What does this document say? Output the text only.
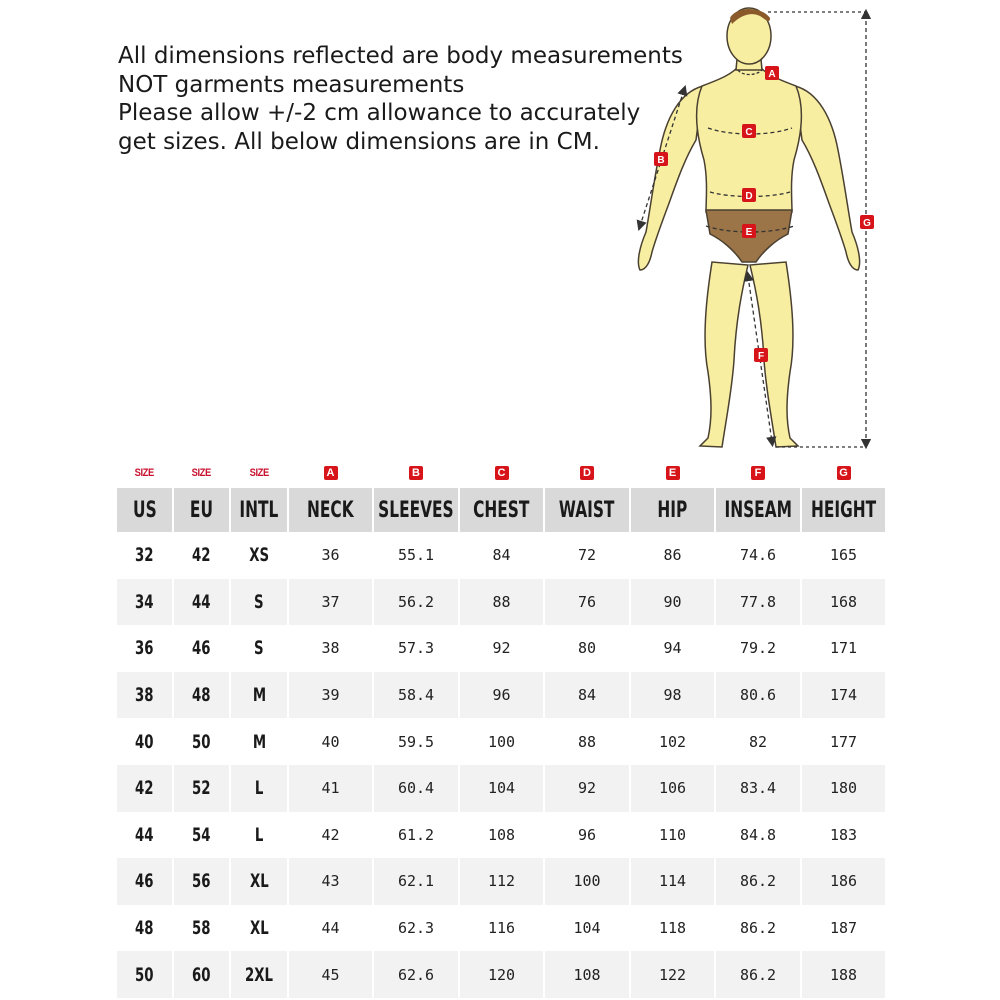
All dimensions reflected are body measurements
NOT garments measurements
Please allow +/-2 cm allowance to accurately
get sizes. All below dimensions are in CM.
A
B
C
D
E
F
G
SIZE	SIZE	SIZE	A	B	C	D	E	F	G
US EU INTL NECK SLEEVES CHEST WAIST HIP INSEAM HEIGHT
32 42 XS	36	55.1	84	72	86	74.6	165
34 44 S	37	56.2	88	76	90	77.8	168
36 46 S	38	57.3	92	80	94	79.2	171
38 48 M	39	58.4	96	84	98	80.6	174
40 50 M	40	59.5	100	88	102	82	177
42 52 L	41	60.4	104	92	106	83.4	180
44 54 L	42	61.2	108	96	110	84.8	183
46 56 XL	43	62.1	112	100	114	86.2	186
48 58 XL	44	62.3	116	104	118	86.2	187
50 60 2XL	45	62.6	120	108	122	86.2	188
